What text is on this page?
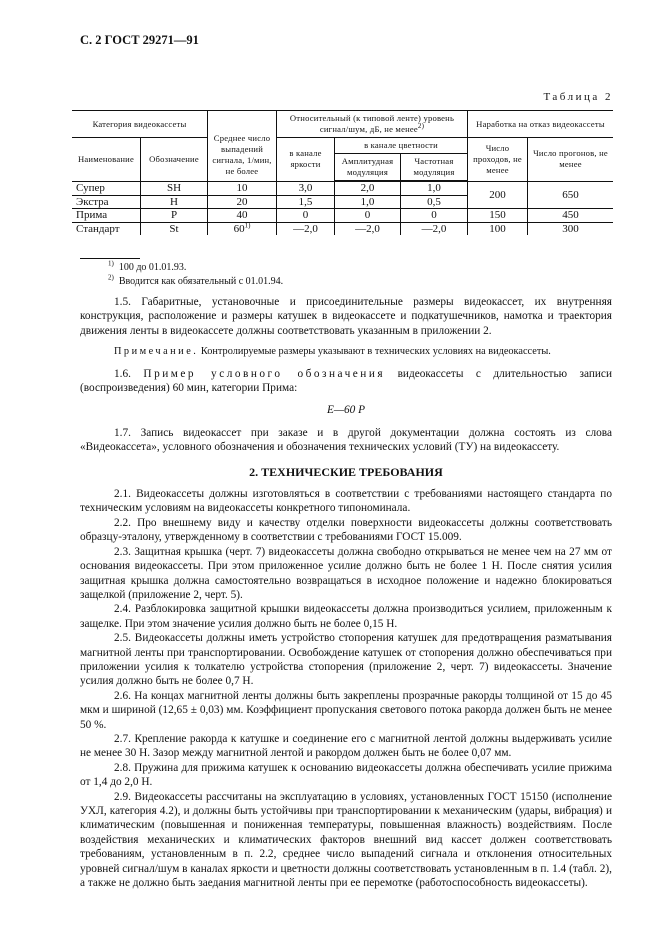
С. 2 ГОСТ 29271—91
Таблица 2
Категория видеокассеты		Среднее число выпадений сигнала, 1/мин, не более	Относительный (к типовой ленте) уровень сигнал/шум, дБ, не менее$^{2)}$			Наработка на отказ видеокассеты	
Наименование	Обозначение		в канале яркости	в канале цветности		Число проходов, не менее	Число прогонов, не менее
				Амплитудная модуляция	Частотная модуляция		
Супер	SH	10	3,0	2,0	1,0	200	650
Экстра	H	20	1,5	1,0	0,5		
Прима	P	40	0	0	0	150	450
Стандарт	St	60$^{1)}$	—2,0	—2,0	—2,0	100	300
$^{1)}$ 100 до 01.01.93.
$^{2)}$ Вводится как обязательный с 01.01.94.

1.5. Габаритные, установочные и присоединительные размеры видеокассет, их внутренняя конструкция, расположение и размеры катушек в видеокассете и подкатушечников, намотка и траектория движения ленты в видеокассете должны соответствовать указанным в приложении 2.

Примечание. Контролируемые размеры указывают в технических условиях на видеокассеты.

1.6. Пример условного обозначения видеокассеты с длительностью записи (воспроизведения) 60 мин, категории Прима:

E—60 P

1.7. Запись видеокассет при заказе и в другой документации должна состоять из слова «Видеокассета», условного обозначения и обозначения технических условий (ТУ) на видеокассету.

2. ТЕХНИЧЕСКИЕ ТРЕБОВАНИЯ

2.1. Видеокассеты должны изготовляться в соответствии с требованиями настоящего стандарта по техническим условиям на видеокассеты конкретного типономинала.

2.2. Про внешнему виду и качеству отделки поверхности видеокассеты должны соответствовать образцу-эталону, утвержденному в соответствии с требованиями ГОСТ 15.009.

2.3. Защитная крышка (черт. 7) видеокассеты должна свободно открываться не менее чем на 27 мм от основания видеокассеты. При этом приложенное усилие должно быть не более 1 Н. После снятия усилия защитная крышка должна самостоятельно возвращаться в исходное положение и надежно блокироваться защелкой (приложение 2, черт. 5).

2.4. Разблокировка защитной крышки видеокассеты должна производиться усилием, приложенным к защелке. При этом значение усилия должно быть не более 0,15 Н.

2.5. Видеокассеты должны иметь устройство стопорения катушек для предотвращения разматывания магнитной ленты при транспортировании. Освобождение катушек от стопорения должно обеспечиваться при приложении усилия к толкателю устройства стопорения (приложение 2, черт. 7) видеокассеты. Значение усилия должно быть не более 0,7 Н.

2.6. На концах магнитной ленты должны быть закреплены прозрачные ракорды толщиной от 15 до 45 мкм и шириной (12,65 ± 0,03) мм. Коэффициент пропускания светового потока ракорда должен быть не менее 50 %.

2.7. Крепление ракорда к катушке и соединение его с магнитной лентой должны выдерживать усилие не менее 30 Н. Зазор между магнитной лентой и ракордом должен быть не более 0,07 мм.

2.8. Пружина для прижима катушек к основанию видеокассеты должна обеспечивать усилие прижима от 1,4 до 2,0 Н.

2.9. Видеокассеты рассчитаны на эксплуатацию в условиях, установленных ГОСТ 15150 (исполнение УХЛ, категория 4.2), и должны быть устойчивы при транспортировании к механическим (удары, вибрация) и климатическим (повышенная и пониженная температуры, повышенная влажность) воздействиям. После воздействия механических и климатических факторов внешний вид кассет должен соответствовать требованиям, установленным в п. 2.2, среднее число выпадений сигнала и отклонения относительных уровней сигнал/шум в каналах яркости и цветности должны соответствовать установленным в п. 1.4 (табл. 2), а также не должно быть заедания магнитной ленты при ее перемотке (работоспособность видеокассеты).
